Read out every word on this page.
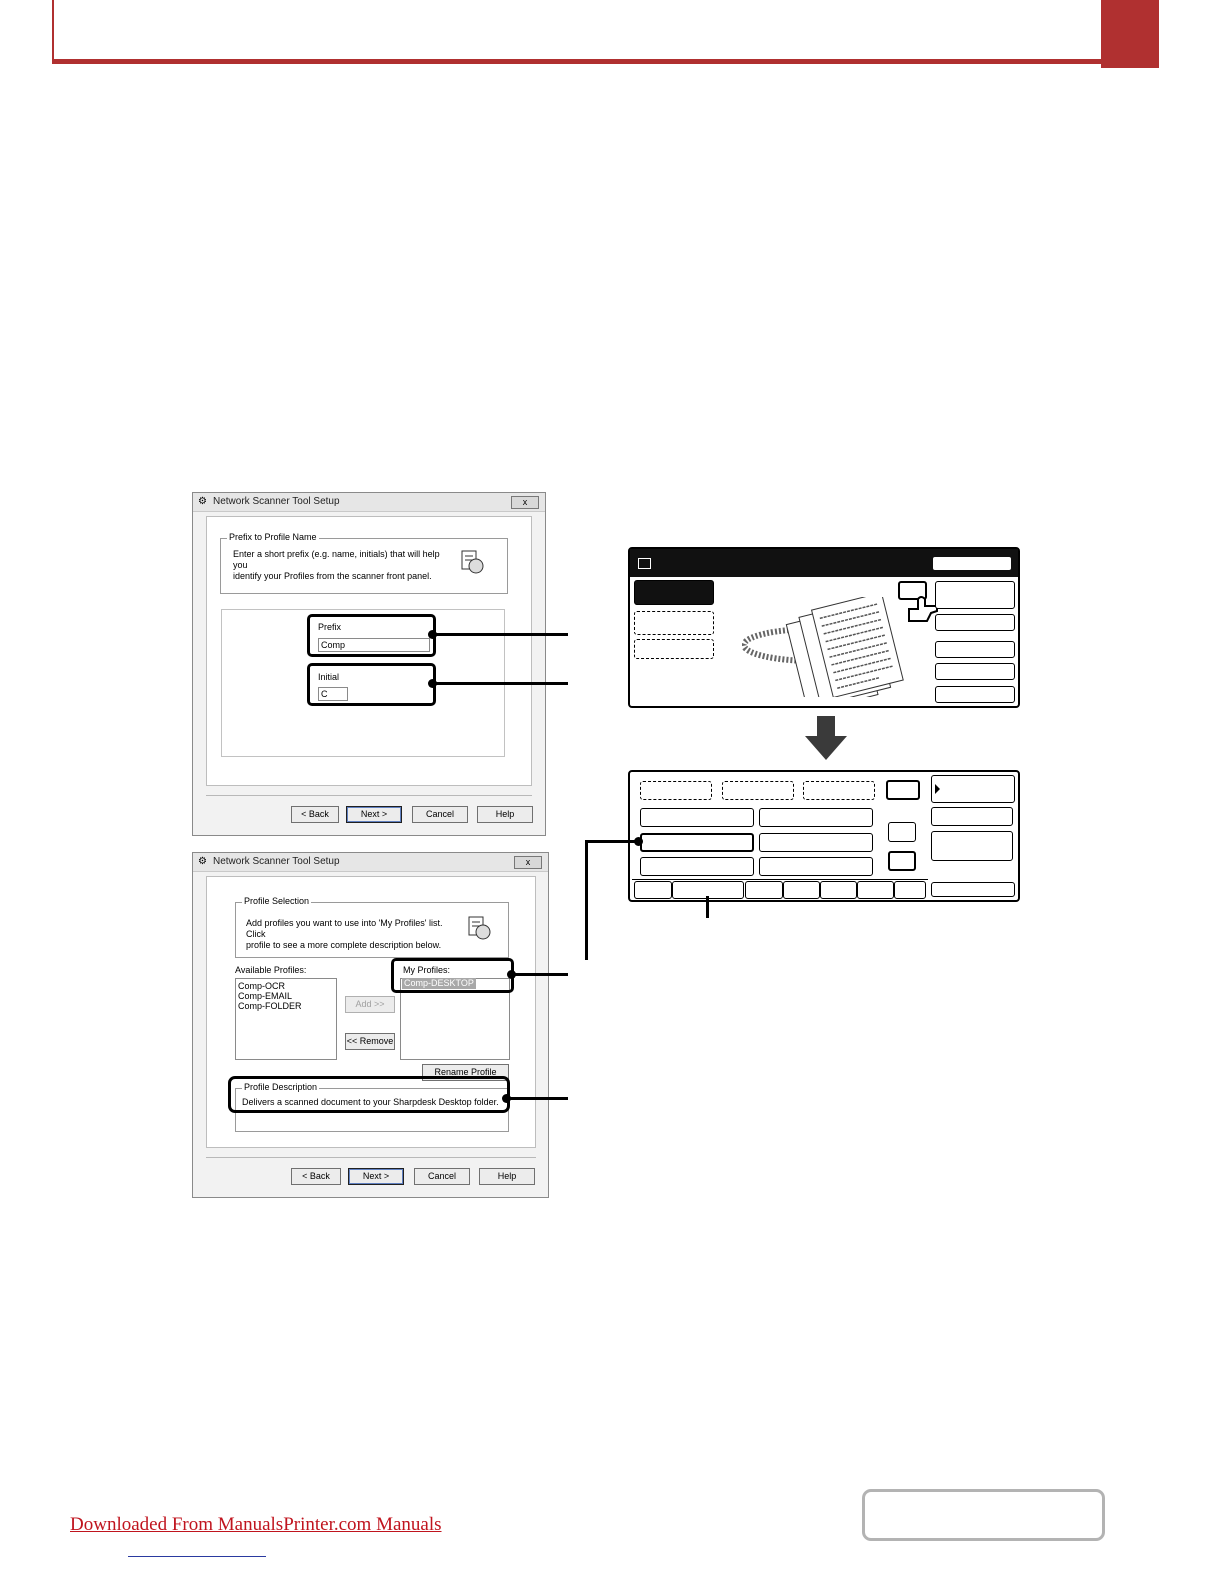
⚙ Network Scanner Tool Setup	x
Prefix to Profile Name
Enter a short prefix (e.g. name, initials) that will help you
identify your Profiles from the scanner front panel.
Prefix
Comp
Initial
C
< Back	Next >	Cancel	Help
⚙ Network Scanner Tool Setup	x
Profile Selection
Add profiles you want to use into 'My Profiles' list. Click
profile to see a more complete description below.
Available Profiles:
Comp-OCR
Comp-EMAIL
Comp-FOLDER	Add >>
<< Remove
My Profiles:
Comp-DESKTOP
Rename Profile
Profile Description
Delivers a scanned document to your Sharpdesk Desktop folder.
< Back	Next >	Cancel	Help
Downloaded From ManualsPrinter.com Manuals
